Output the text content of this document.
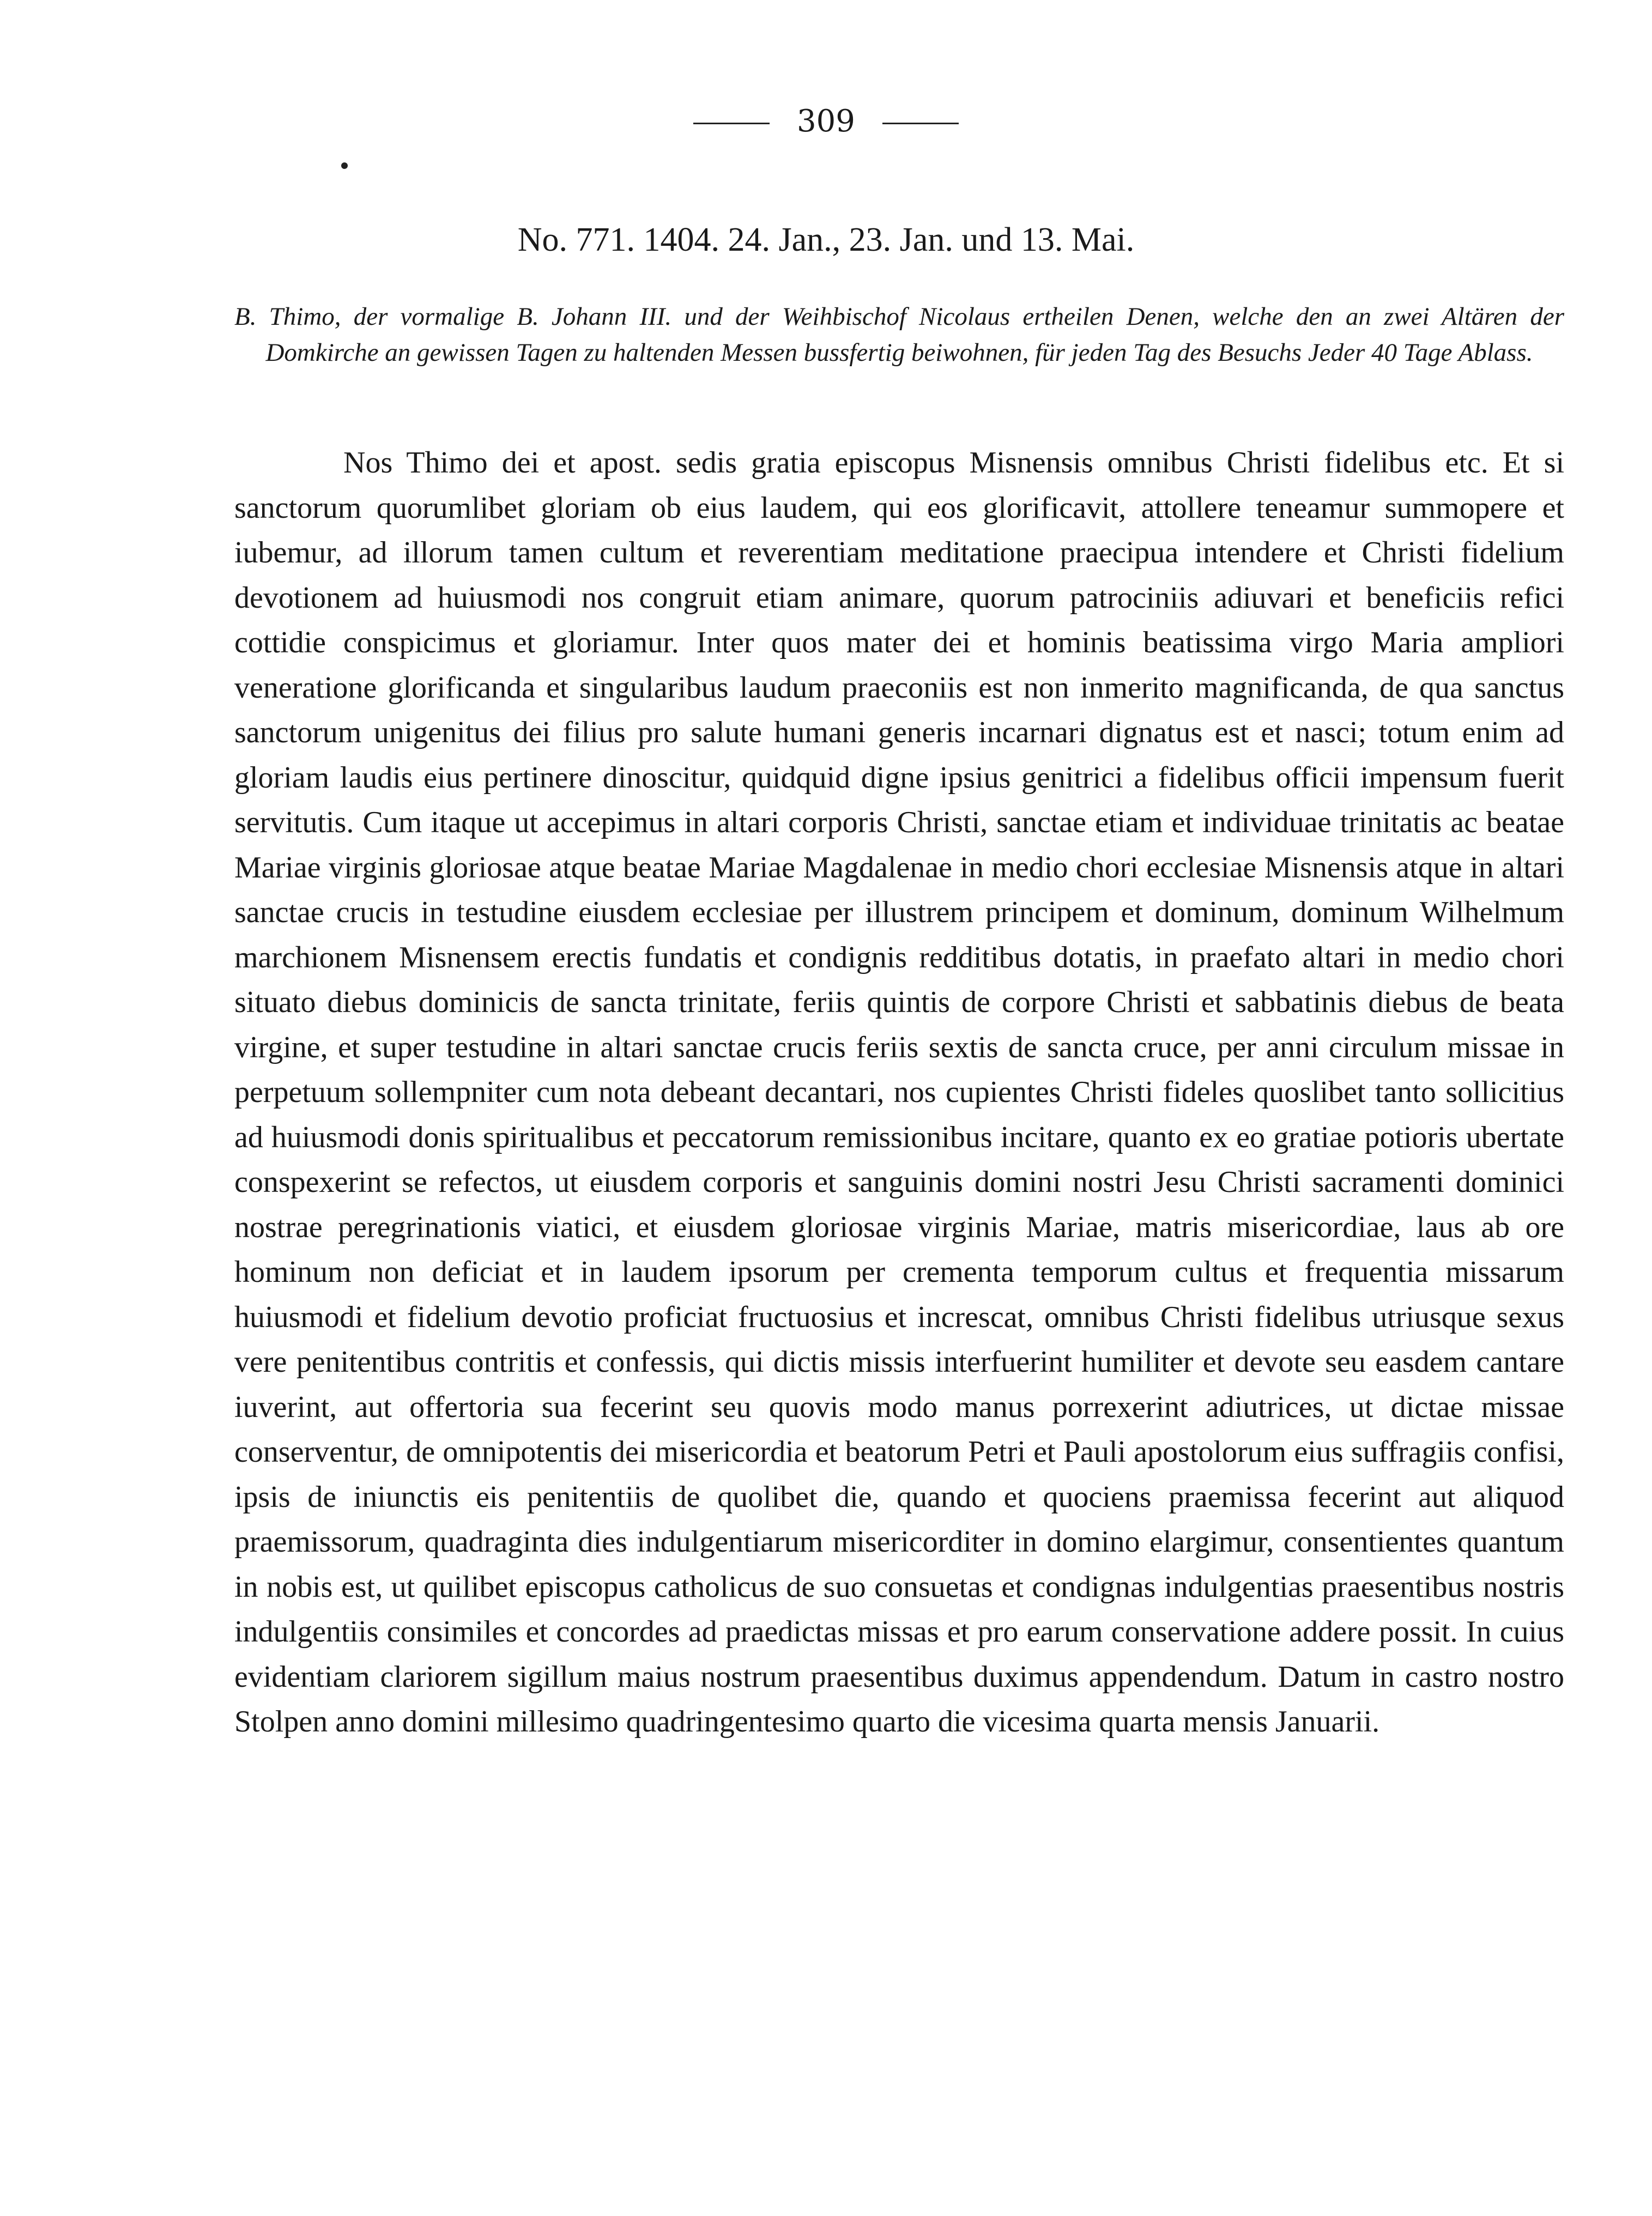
309
No. 771. 1404. 24. Jan., 23. Jan. und 13. Mai.
B. Thimo, der vormalige B. Johann III. und der Weihbischof Nicolaus ertheilen Denen, welche den an zwei Altären der Domkirche an gewissen Tagen zu haltenden Messen bussfertig beiwohnen, für jeden Tag des Besuchs Jeder 40 Tage Ablass.
Nos Thimo dei et apost. sedis gratia episcopus Misnensis omnibus Christi fidelibus etc. Et si sanctorum quorumlibet gloriam ob eius laudem, qui eos glorificavit, attollere teneamur summopere et iubemur, ad illorum tamen cultum et reverentiam meditatione praecipua intendere et Christi fidelium devotionem ad huiusmodi nos congruit etiam animare, quorum patrociniis adiuvari et beneficiis refici cottidie conspicimus et gloriamur. Inter quos mater dei et hominis beatissima virgo Maria ampliori veneratione glorificanda et singularibus laudum praeconiis est non inmerito magnificanda, de qua sanctus sanctorum unigenitus dei filius pro salute humani generis incarnari dignatus est et nasci; totum enim ad gloriam laudis eius pertinere dinoscitur, quidquid digne ipsius genitrici a fidelibus officii impensum fuerit servitutis. Cum itaque ut accepimus in altari corporis Christi, sanctae etiam et individuae trinitatis ac beatae Mariae virginis gloriosae atque beatae Mariae Magdalenae in medio chori ecclesiae Misnensis atque in altari sanctae crucis in testudine eiusdem ecclesiae per illustrem principem et dominum, dominum Wilhelmum marchionem Misnensem erectis fundatis et condignis redditibus dotatis, in praefato altari in medio chori situato diebus dominicis de sancta trinitate, feriis quintis de corpore Christi et sabbatinis diebus de beata virgine, et super testudine in altari sanctae crucis feriis sextis de sancta cruce, per anni circulum missae in perpetuum sollempniter cum nota debeant decantari, nos cupientes Christi fideles quoslibet tanto sollicitius ad huiusmodi donis spiritualibus et peccatorum remissionibus incitare, quanto ex eo gratiae potioris ubertate conspexerint se refectos, ut eiusdem corporis et sanguinis domini nostri Jesu Christi sacramenti dominici nostrae peregrinationis viatici, et eiusdem gloriosae virginis Mariae, matris misericordiae, laus ab ore hominum non deficiat et in laudem ipsorum per crementa temporum cultus et frequentia missarum huiusmodi et fidelium devotio proficiat fructuosius et increscat, omnibus Christi fidelibus utriusque sexus vere penitentibus contritis et confessis, qui dictis missis interfuerint humiliter et devote seu easdem cantare iuverint, aut offertoria sua fecerint seu quovis modo manus porrexerint adiutrices, ut dictae missae conserventur, de omnipotentis dei misericordia et beatorum Petri et Pauli apostolorum eius suffragiis confisi, ipsis de iniunctis eis penitentiis de quolibet die, quando et quociens praemissa fecerint aut aliquod praemissorum, quadraginta dies indulgentiarum misericorditer in domino elargimur, consentientes quantum in nobis est, ut quilibet episcopus catholicus de suo consuetas et condignas indulgentias praesentibus nostris indulgentiis consimiles et concordes ad praedictas missas et pro earum conservatione addere possit. In cuius evidentiam clariorem sigillum maius nostrum praesentibus duximus appendendum. Datum in castro nostro Stolpen anno domini millesimo quadringentesimo quarto die vicesima quarta mensis Januarii.
